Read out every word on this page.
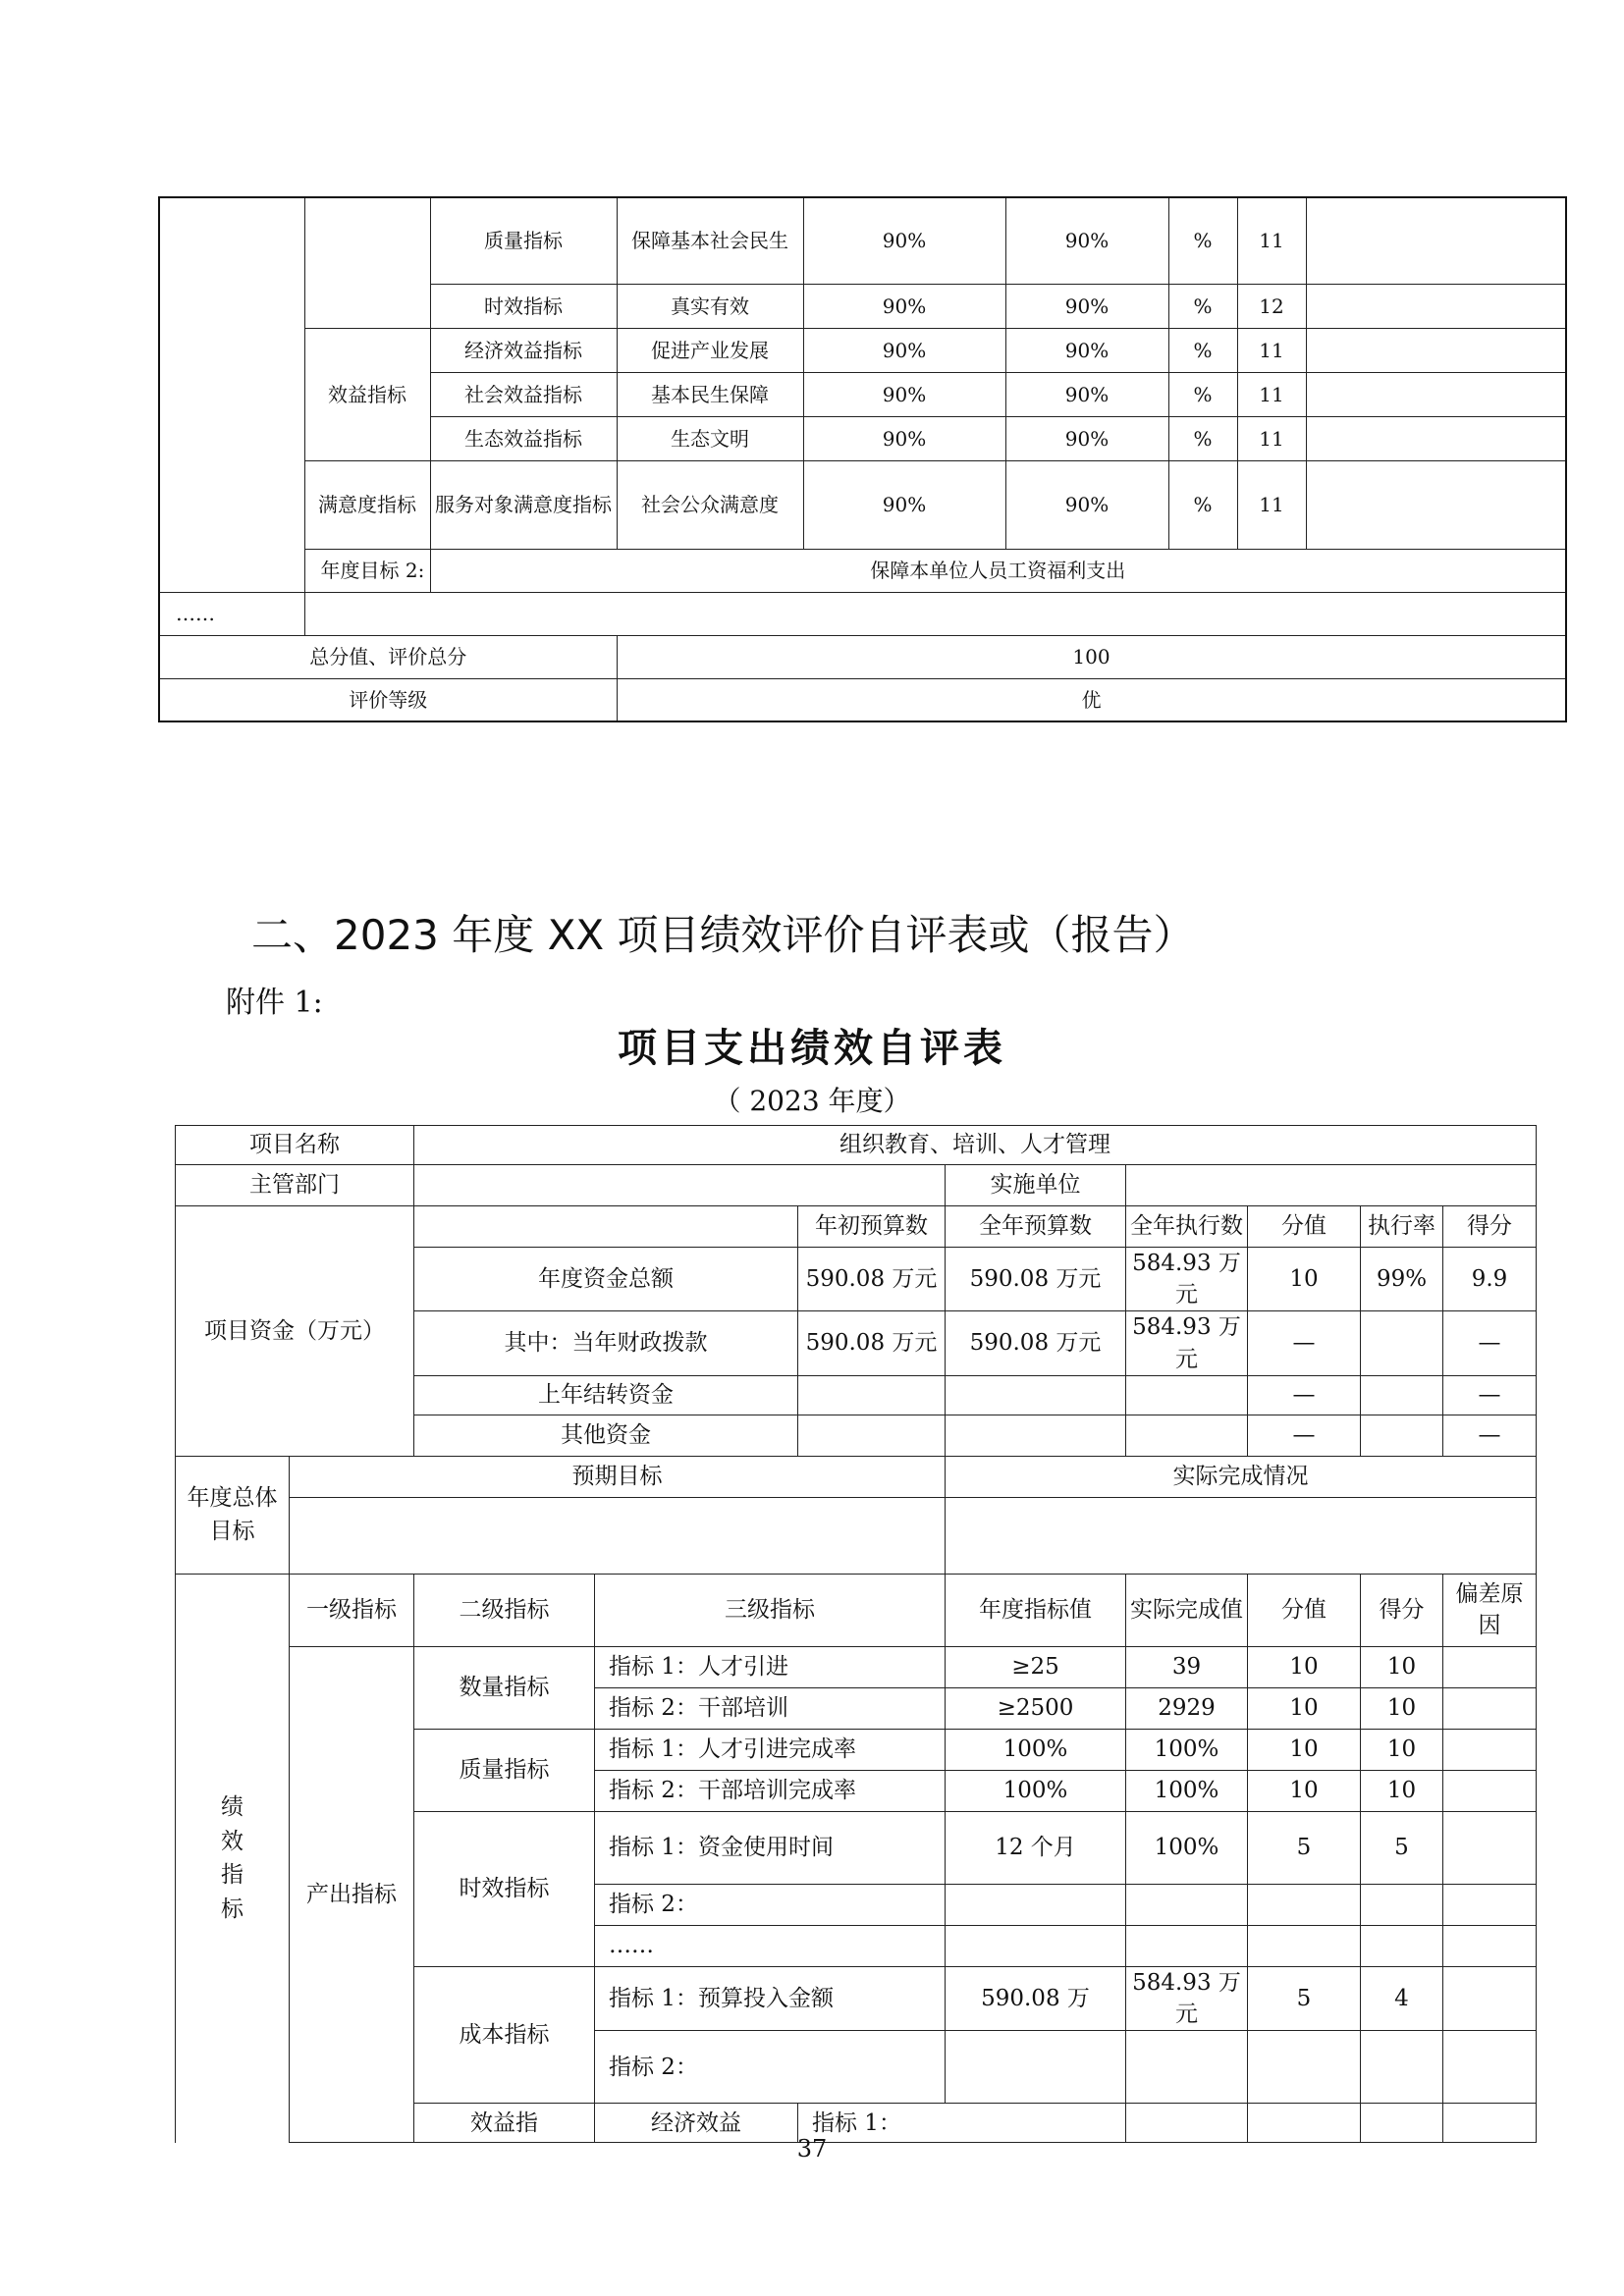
		质量指标	保障基本社会民生	90%	90%	%	11	
		时效指标	真实有效	90%	90%	%	12	
	效益指标	经济效益指标	促进产业发展	90%	90%	%	11	
		社会效益指标	基本民生保障	90%	90%	%	11	
		生态效益指标	生态文明	90%	90%	%	11	
	满意度指标	服务对象满意度指标	社会公众满意度	90%	90%	%	11	
	年度目标 2:	保障本单位人员工资福利支出						
……								
总分值、评价总分			100					
评价等级			优					
二、2023 年度 XX 项目绩效评价自评表或（报告）
附件 1:
项目支出绩效自评表
（ 2023 年度）
项目名称		组织教育、培训、人才管理								
主管部门					实施单位					
项目资金（万元）				年初预算数	全年预算数	全年执行数	分值	执行率	得分	
		年度资金总额		590.08 万元	590.08 万元	584.93 万元	10	99%	9.9	
		其中：当年财政拨款		590.08 万元	590.08 万元	584.93 万元	—		—	
		上年结转资金					—		—	
		其他资金					—		—	
年度总体目标	预期目标				实际完成情况					

绩效指标	一级指标	二级指标	三级指标		年度指标值	实际完成值	分值	得分	偏差原因	
	产出指标	数量指标	指标 1：人才引进		≥25	39	10	10		
			指标 2：干部培训		≥2500	2929	10	10		
		质量指标	指标 1：人才引进完成率		100%	100%	10	10		
			指标 2：干部培训完成率		100%	100%	10	10		
		时效指标	指标 1：资金使用时间		12 个月	100%	5	5		
			指标 2：							
			……							
		成本指标	指标 1：预算投入金额		590.08 万	584.93 万元	5	4		
			指标 2：							
		效益指	经济效益	指标 1：						
37
